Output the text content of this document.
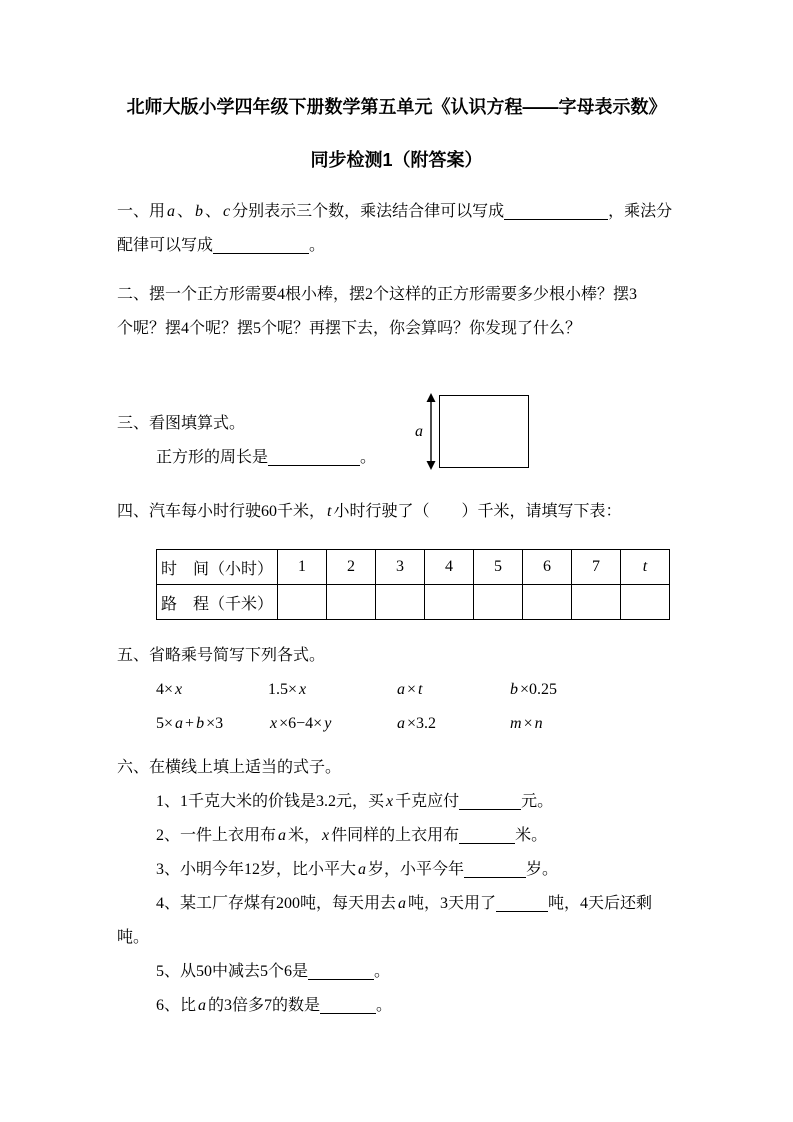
北师大版小学四年级下册数学第五单元《认识方程——字母表示数》
同步检测1（附答案）

一、用 a 、 b 、 c 分别表示三个数，乘法结合律可以写成	，乘法分
配律可以写成	。

二、摆一个正方形需要4根小棒，摆2个这样的正方形需要多少根小棒？摆3
个呢？摆4个呢？摆5个呢？再摆下去，你会算吗？你发现了什么？

三、看图填算式。

正方形的周长是	。

a

四、汽车每小时行驶60千米， t 小时行驶了（　　）千米，请填写下表：

时　间（小时）	1	2	3	4	5	6	7	t
路　程（千米）								

五、省略乘号简写下列各式。

4× x	1.5× x	a × t	b ×0.25
5× a + b ×3	x ×6−4× y	a ×3.2	m × n

六、在横线上填上适当的式子。

1、1千克大米的价钱是3.2元，买 x 千克应付	元。

2、一件上衣用布 a 米， x 件同样的上衣用布	米。

3、小明今年12岁，比小平大 a 岁，小平今年	岁。

4、某工厂存煤有200吨，每天用去 a 吨，3天用了	吨，4天后还剩
吨。

5、从50中减去5个6是	。

6、比 a 的3倍多7的数是	。
